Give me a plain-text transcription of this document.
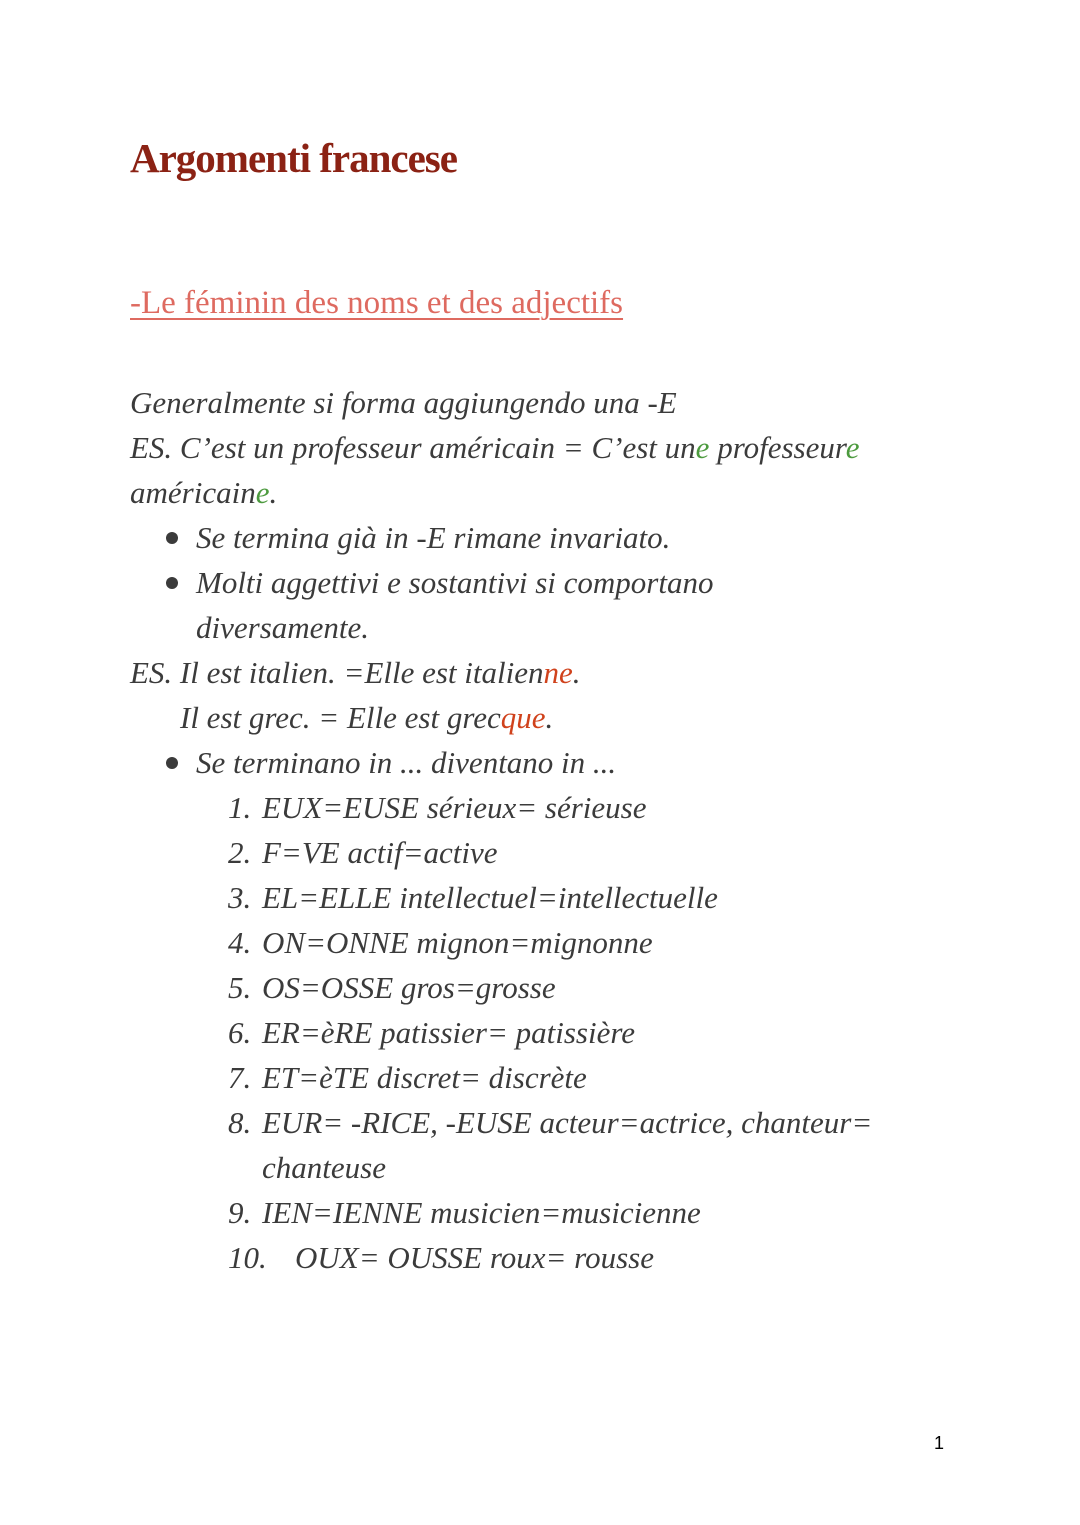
Argomenti francese
-Le féminin des noms et des adjectifs
Generalmente si forma aggiungendo una -E
ES. C’est un professeur américain = C’est une professeure
américaine.
Se termina già in -E rimane invariato.
Molti aggettivi e sostantivi si comportano
diversamente.
ES. Il est italien. =Elle est italienne.
Il est grec. = Elle est grecque.
Se terminano in ... diventano in ...
1. EUX=EUSE sérieux= sérieuse
2. F=VE actif=active
3. EL=ELLE intellectuel=intellectuelle
4. ON=ONNE mignon=mignonne
5. OS=OSSE gros=grosse
6. ER=èRE patissier= patissière
7. ET=èTE discret= discrète
8. EUR= -RICE, -EUSE acteur=actrice, chanteur=
chanteuse
9. IEN=IENNE musicien=musicienne
10. OUX= OUSSE roux= rousse
1
